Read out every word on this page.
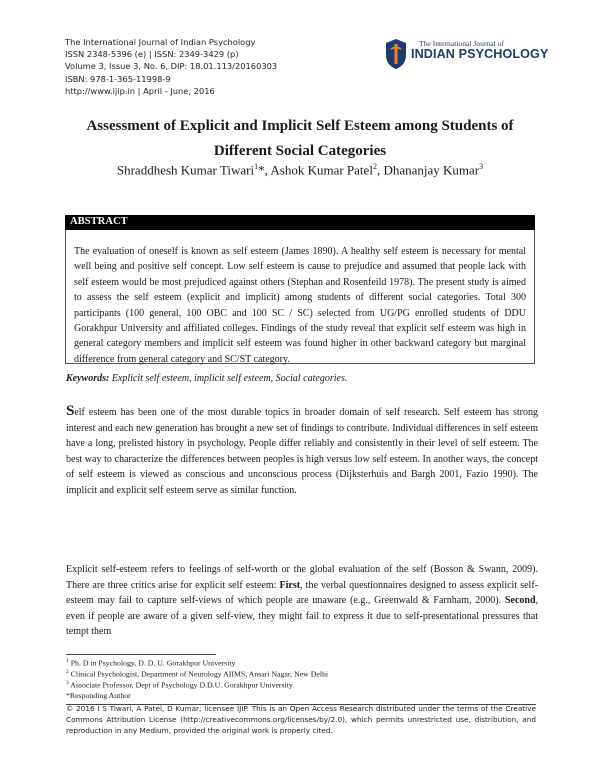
The International Journal of Indian Psychology
ISSN 2348-5396 (e) | ISSN: 2349-3429 (p)
Volume 3, Issue 3, No. 6, DIP: 18.01.113/20160303
ISBN: 978-1-365-11998-9
http://www.ijip.in | April - June, 2016
The International Journal of
INDIAN PSYCHOLOGY
Assessment of Explicit and Implicit Self Esteem among Students of
Different Social Categories
Shraddhesh Kumar Tiwari$^1$*, Ashok Kumar Patel$^2$, Dhananjay Kumar$^3$
ABSTRACT
The evaluation of oneself is known as self esteem (James 1890). A healthy self esteem is necessary for mental well being and positive self concept. Low self esteem is cause to prejudice and assumed that people lack with self esteem would be most prejudiced against others (Stephan and Rosenfeild 1978). The present study is aimed to assess the self esteem (explicit and implicit) among students of different social categories. Total 300 participants (100 general, 100 OBC and 100 SC / SC) selected from UG/PG enrolled students of DDU Gorakhpur University and affiliated colleges. Findings of the study reveal that explicit self esteem was high in general category members and implicit self esteem was found higher in other backward category but marginal difference from general category and SC/ST category.
Keywords: Explicit self esteem, implicit self esteem, Social categories.
Self esteem has been one of the most durable topics in broader domain of self research. Self esteem has strong interest and each new generation has brought a new set of findings to contribute. Individual differences in self esteem have a long, prelisted history in psychology. People differ reliably and consistently in their level of self esteem. The best way to characterize the differences between peoples is high versus low self esteem. In another ways, the concept of self esteem is viewed as conscious and unconscious process (Dijksterhuis and Bargh 2001, Fazio 1990). The implicit and explicit self esteem serve as similar function.
Explicit self-esteem refers to feelings of self-worth or the global evaluation of the self (Bosson & Swann, 2009). There are three critics arise for explicit self esteem: First, the verbal questionnaires designed to assess explicit self-esteem may fail to capture self-views of which people are unaware (e.g., Greenwald & Farnham, 2000). Second, even if people are aware of a given self-view, they might fail to express it due to self-presentational pressures that tempt them
$^1$ Ph. D in Psychology, D. D. U. Gorakhpur University
$^2$ Clinical Psychologist, Department of Neurology AIIMS, Ansari Nagar, New Delhi
$^3$ Associate Professor, Dept of Psychology D.D.U. Gorakhpur University
*Responding Author
© 2016 I S Tiwari, A Patel, D Kumar; licensee IJIP. This is an Open Access Research distributed under the terms of the Creative Commons Attribution License (http://creativecommons.org/licenses/by/2.0), which permits unrestricted use, distribution, and reproduction in any Medium, provided the original work is properly cited.
